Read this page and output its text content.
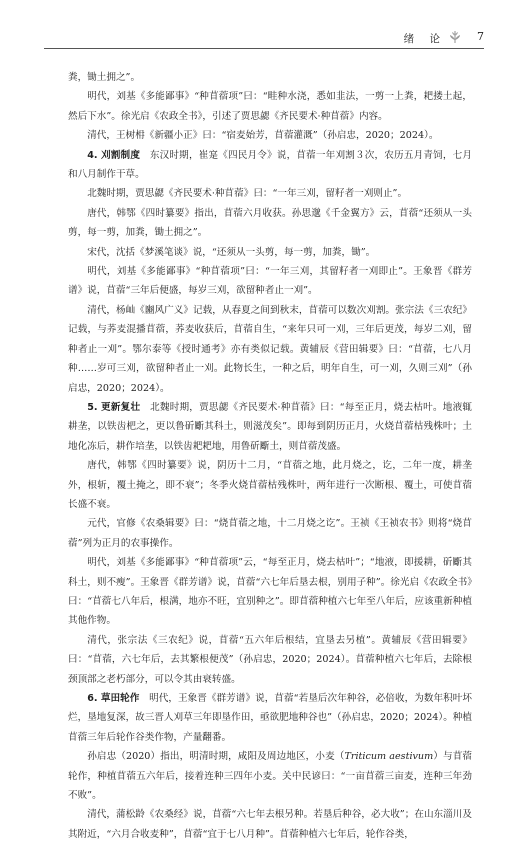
绪 论	7

粪，锄土拥之”。

明代，刘基《多能鄙事》“种苜蓿项”曰：“畦种水浇，悉如韭法，一剪一上粪，耙搂土起，然后下水”。徐光启《农政全书》，引述了贾思勰《齐民要术·种苜蓿》内容。

清代，王树枏《新疆小正》曰：“宿麦始芳，苜蓿灌溉”（孙启忠，2020；2024）。

4. 刈割制度　 东汉时期，崔寔《四民月令》说，苜蓿一年刈割３次，农历五月青饲，七月和八月制作干草。

北魏时期，贾思勰《齐民要术·种苜蓿》曰：“一年三刈，留籽者一刈则止”。

唐代，韩鄂《四时纂要》指出，苜蓿六月收获。孙思邈《千金翼方》云，苜蓿“还须从一头剪，每一剪，加粪，锄土拥之”。

宋代，沈括《梦溪笔谈》说，“还须从一头剪，每一剪，加粪，锄”。

明代，刘基《多能鄙事》“种苜蓿项”曰：“一年三刈，其留籽者一刈即止”。王象晋《群芳谱》说，苜蓿“三年后便盛，每岁三刈，欲留种者止一刈”。

清代，杨屾《豳风广义》记载，从春夏之间到秋末，苜蓿可以数次刈割。张宗法《三农纪》记载，与荞麦混播苜蓿，荞麦收获后，苜蓿自生，“来年只可一刈，三年后更茂，每岁二刈，留种者止一刈”。鄂尔泰等《授时通考》亦有类似记载。黄辅辰《营田辑要》曰：“苜蓿，七八月种……岁可三刈，欲留种者止一刈。此物长生，一种之后，明年自生，可一刈，久则三刈”（孙启忠，2020；2024）。

5. 更新复壮　 北魏时期，贾思勰《齐民要术·种苜蓿》曰：“每至正月，烧去枯叶。地液辄耕垄，以铁齿杷之，更以鲁斫斸其科土，则滋茂矣”。即每到阴历正月，火烧苜蓿枯残株叶；土地化冻后，耕作培垄，以铁齿耙耙地，用鲁斫斸土，则苜蓿茂盛。

唐代，韩鄂《四时纂要》说，阴历十二月，“苜蓿之地，此月烧之，讫，二年一度，耕垄外，根斩，覆土掩之，即不衰”；冬季火烧苜蓿枯残株叶，两年进行一次断根、覆土，可使苜蓿长盛不衰。

元代，官修《农桑辑要》曰：“烧苜蓿之地，十二月烧之讫”。王祯《王祯农书》则将“烧苜蓿”列为正月的农事操作。

明代，刘基《多能鄙事》“种苜蓿项”云，“每至正月，烧去枯叶”；“地液，即援耕，斫斸其科土，则不瘦”。王象晋《群芳谱》说，苜蓿“六七年后垦去根，别用子种”。徐光启《农政全书》曰：“苜蓿七八年后，根满，地亦不旺，宜别种之”。即苜蓿种植六七年至八年后，应该重新种植其他作物。

清代，张宗法《三农纪》说，苜蓿“五六年后根结，宜垦去另植”。黄辅辰《营田辑要》曰：“苜蓿，六七年后，去其繁根便茂”（孙启忠，2020；2024）。苜蓿种植六七年后，去除根颈顶部之老朽部分，可以令其由衰转盛。

6. 草田轮作　 明代，王象晋《群芳谱》说，苜蓿“若垦后次年种谷，必倍收，为数年积叶坏烂，垦地复深，故三晋人刈草三年即垦作田，亟欲肥地种谷也”（孙启忠，2020；2024）。种植苜蓿三年后轮作谷类作物，产量翻番。

孙启忠（2020）指出，明清时期，咸阳及周边地区，小麦（Triticum aestivum）与苜蓿轮作，种植苜蓿五六年后，接着连种三四年小麦。关中民谚曰：“一亩苜蓿三亩麦，连种三年劲不败”。

清代，蒲松龄《农桑经》说，苜蓿“六七年去根另种。若垦后种谷，必大收”；在山东淄川及其附近，“六月合收麦种”，苜蓿“宜于七八月种”。苜蓿种植六七年后，轮作谷类，
